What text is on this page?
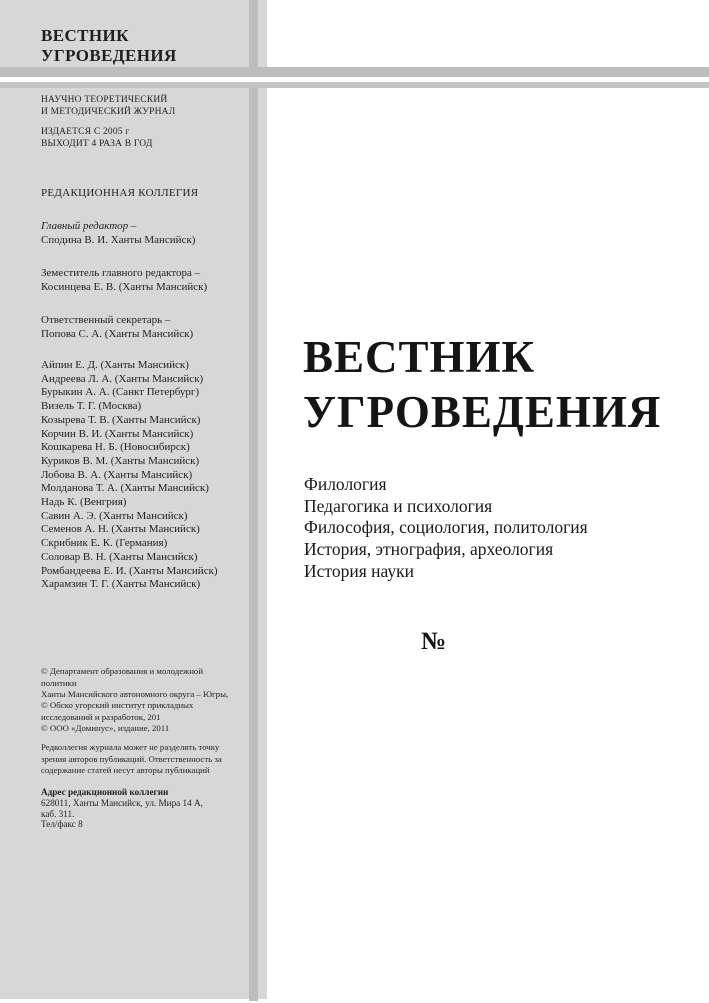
ВЕСТНИК
УГРОВЕДЕНИЯ
НАУЧНО ТЕОРЕТИЧЕСКИЙ
И МЕТОДИЧЕСКИЙ ЖУРНАЛ
ИЗДАЕТСЯ С 2005 г
ВЫХОДИТ 4 РАЗА В ГОД
РЕДАКЦИОННАЯ КОЛЛЕГИЯ
Главный редактор –
Сподина В. И. Ханты Мансийск)
Земеститель главного редактора –
Косинцева Е. В. (Ханты Мансийск)
Ответственный секретарь –
Попова С. А. (Ханты Мансийск)
Айпин Е. Д. (Ханты Мансийск)
Андреева Л. А. (Ханты Мансийск)
Бурыкин А. А. (Санкт Петербург)
Визель Т. Г. (Москва)
Козырева Т. В. (Ханты Мансийск)
Корчин В. И. (Ханты Мансийск)
Кошкарева Н. Б. (Новосибирск)
Куриков В. М. (Ханты Мансийск)
Лобова В. А. (Ханты Мансийск)
Молданова Т. А. (Ханты Мансийск)
Надь К. (Венгрия)
Савин А. Э. (Ханты Мансийск)
Семенов А. Н. (Ханты Мансийск)
Скрибник Е. К. (Германия)
Соловар В. Н. (Ханты Мансийск)
Ромбандеева Е. И. (Ханты Мансийск)
Харамзин Т. Г. (Ханты Мансийск)
© Департамент образования и молодежной политики
Ханты Мансийского автономного округа – Югры,
© Обско угорский институт прикладных
исследований и разработок, 201
© ООО «Доминус», издание, 2011
Редколлегия журнала может не разделять точку
зрения авторов публикаций. Ответственность за
содержание статей несут авторы публикаций
Адрес редакционной коллегии
628011, Ханты Мансийск, ул. Мира 14 А,
каб. 311.
Тел/факс 8
ВЕСТНИК
УГРОВЕДЕНИЯ
Филология
Педагогика и психология
Философия, социология, политология
История, этнография, археология
История науки
№
